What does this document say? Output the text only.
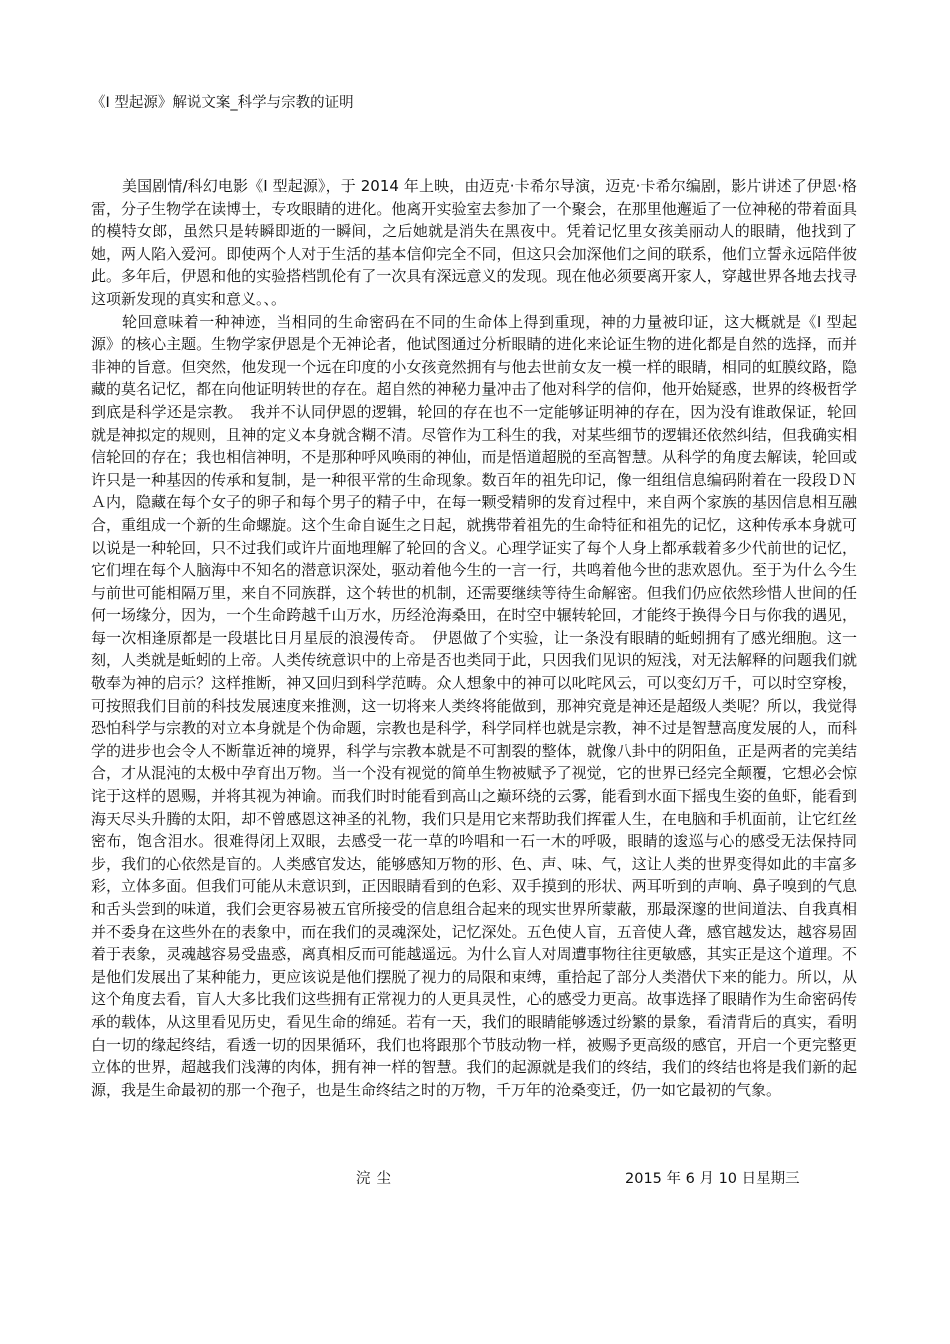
《I 型起源》解说文案_科学与宗教的证明

美国剧情/科幻电影《I 型起源》，于 2014 年上映，由迈克·卡希尔导演，迈克·卡希尔编剧，影片讲述了伊恩·格雷，分子生物学在读博士，专攻眼睛的进化。他离开实验室去参加了一个聚会，在那里他邂逅了一位神秘的带着面具的模特女郎，虽然只是转瞬即逝的一瞬间，之后她就是消失在黑夜中。凭着记忆里女孩美丽动人的眼睛，他找到了她，两人陷入爱河。即使两个人对于生活的基本信仰完全不同，但这只会加深他们之间的联系，他们立誓永远陪伴彼此。多年后，伊恩和他的实验搭档凯伦有了一次具有深远意义的发现。现在他必须要离开家人，穿越世界各地去找寻这项新发现的真实和意义。、。

轮回意味着一种神迹，当相同的生命密码在不同的生命体上得到重现，神的力量被印证，这大概就是《I 型起源》的核心主题。生物学家伊恩是个无神论者，他试图通过分析眼睛的进化来论证生物的进化都是自然的选择，而并非神的旨意。但突然，他发现一个远在印度的小女孩竟然拥有与他去世前女友一模一样的眼睛，相同的虹膜纹路，隐藏的莫名记忆，都在向他证明转世的存在。超自然的神秘力量冲击了他对科学的信仰，他开始疑惑，世界的终极哲学到底是科学还是宗教。　我并不认同伊恩的逻辑，轮回的存在也不一定能够证明神的存在，因为没有谁敢保证，轮回就是神拟定的规则，且神的定义本身就含糊不清。尽管作为工科生的我，对某些细节的逻辑还依然纠结，但我确实相信轮回的存在；我也相信神明，不是那种呼风唤雨的神仙，而是悟道超脱的至高智慧。从科学的角度去解读，轮回或许只是一种基因的传承和复制，是一种很平常的生命现象。数百年的祖先印记，像一组组信息编码附着在一段段ＤＮＡ内，隐藏在每个女子的卵子和每个男子的精子中，在每一颗受精卵的发育过程中，来自两个家族的基因信息相互融合，重组成一个新的生命螺旋。这个生命自诞生之日起，就携带着祖先的生命特征和祖先的记忆，这种传承本身就可以说是一种轮回，只不过我们或许片面地理解了轮回的含义。心理学证实了每个人身上都承载着多少代前世的记忆，它们埋在每个人脑海中不知名的潜意识深处，驱动着他今生的一言一行，共鸣着他今世的悲欢恩仇。至于为什么今生与前世可能相隔万里，来自不同族群，这个转世的机制，还需要继续等待生命解密。但我们仍应依然珍惜人世间的任何一场缘分，因为，一个生命跨越千山万水，历经沧海桑田，在时空中辗转轮回，才能终于换得今日与你我的遇见，每一次相逢原都是一段堪比日月星辰的浪漫传奇。　伊恩做了个实验，让一条没有眼睛的蚯蚓拥有了感光细胞。这一刻，人类就是蚯蚓的上帝。人类传统意识中的上帝是否也类同于此，只因我们见识的短浅，对无法解释的问题我们就敬奉为神的启示？这样推断，神又回归到科学范畴。众人想象中的神可以叱咤风云，可以变幻万千，可以时空穿梭，可按照我们目前的科技发展速度来推测，这一切将来人类终将能做到，那神究竟是神还是超级人类呢？所以，我觉得恐怕科学与宗教的对立本身就是个伪命题，宗教也是科学，科学同样也就是宗教，神不过是智慧高度发展的人，而科学的进步也会令人不断靠近神的境界，科学与宗教本就是不可割裂的整体，就像八卦中的阴阳鱼，正是两者的完美结合，才从混沌的太极中孕育出万物。当一个没有视觉的简单生物被赋予了视觉，它的世界已经完全颠覆，它想必会惊诧于这样的恩赐，并将其视为神谕。而我们时时能看到高山之巅环绕的云雾，能看到水面下摇曳生姿的鱼虾，能看到海天尽头升腾的太阳，却不曾感恩这神圣的礼物，我们只是用它来帮助我们挥霍人生，在电脑和手机面前，让它红丝密布，饱含泪水。很难得闭上双眼，去感受一花一草的吟唱和一石一木的呼吸，眼睛的逡巡与心的感受无法保持同步，我们的心依然是盲的。人类感官发达，能够感知万物的形、色、声、味、气，这让人类的世界变得如此的丰富多彩，立体多面。但我们可能从未意识到，正因眼睛看到的色彩、双手摸到的形状、两耳听到的声响、鼻子嗅到的气息和舌头尝到的味道，我们会更容易被五官所接受的信息组合起来的现实世界所蒙蔽，那最深邃的世间道法、自我真相并不委身在这些外在的表象中，而在我们的灵魂深处，记忆深处。五色使人盲，五音使人聋，感官越发达，越容易固着于表象，灵魂越容易受蛊惑，离真相反而可能越遥远。为什么盲人对周遭事物往往更敏感，其实正是这个道理。不是他们发展出了某种能力，更应该说是他们摆脱了视力的局限和束缚，重拾起了部分人类潜伏下来的能力。所以，从这个角度去看，盲人大多比我们这些拥有正常视力的人更具灵性，心的感受力更高。故事选择了眼睛作为生命密码传承的载体，从这里看见历史，看见生命的绵延。若有一天，我们的眼睛能够透过纷繁的景象，看清背后的真实，看明白一切的缘起终结，看透一切的因果循环，我们也将跟那个节肢动物一样，被赐予更高级的感官，开启一个更完整更立体的世界，超越我们浅薄的肉体，拥有神一样的智慧。我们的起源就是我们的终结，我们的终结也将是我们新的起源，我是生命最初的那一个孢子，也是生命终结之时的万物，千万年的沧桑变迁，仍一如它最初的气象。

浣尘	2015 年 6 月 10 日星期三
